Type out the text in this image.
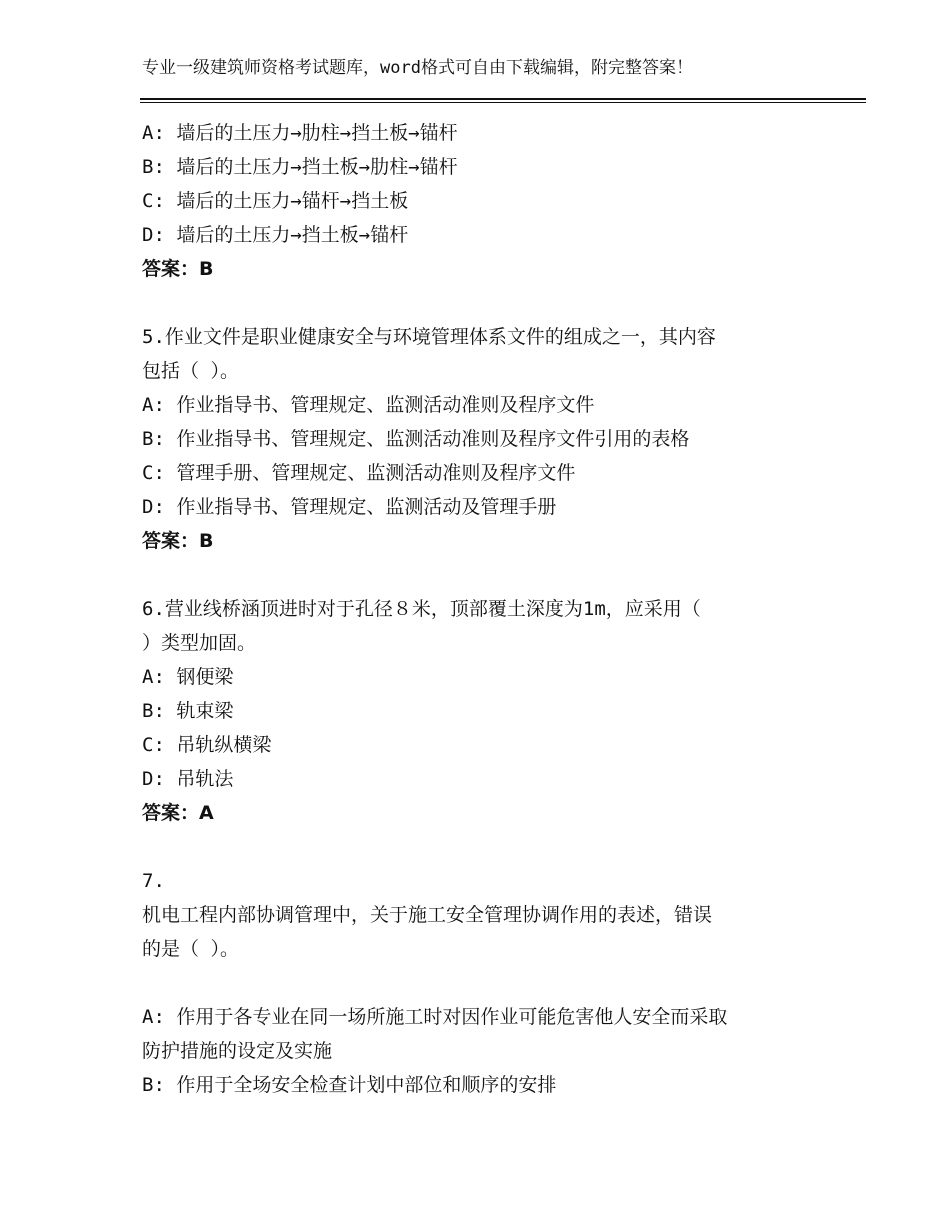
专业一级建筑师资格考试题库，word格式可自由下载编辑，附完整答案！
A: 墙后的土压力→肋柱→挡土板→锚杆
B: 墙后的土压力→挡土板→肋柱→锚杆
C: 墙后的土压力→锚杆→挡土板
D: 墙后的土压力→挡土板→锚杆
答案：B
5.作业文件是职业健康安全与环境管理体系文件的组成之一，其内容
包括（ ）。
A: 作业指导书、管理规定、监测活动准则及程序文件
B: 作业指导书、管理规定、监测活动准则及程序文件引用的表格
C: 管理手册、管理规定、监测活动准则及程序文件
D: 作业指导书、管理规定、监测活动及管理手册
答案：B
6.营业线桥涵顶进时对于孔径８米，顶部覆土深度为1m，应采用（
）类型加固。
A: 钢便梁
B: 轨束梁
C: 吊轨纵横梁
D: 吊轨法
答案：A
7.
机电工程内部协调管理中，关于施工安全管理协调作用的表述，错误
的是（ ）。
A: 作用于各专业在同一场所施工时对因作业可能危害他人安全而采取
防护措施的设定及实施
B: 作用于全场安全检查计划中部位和顺序的安排
